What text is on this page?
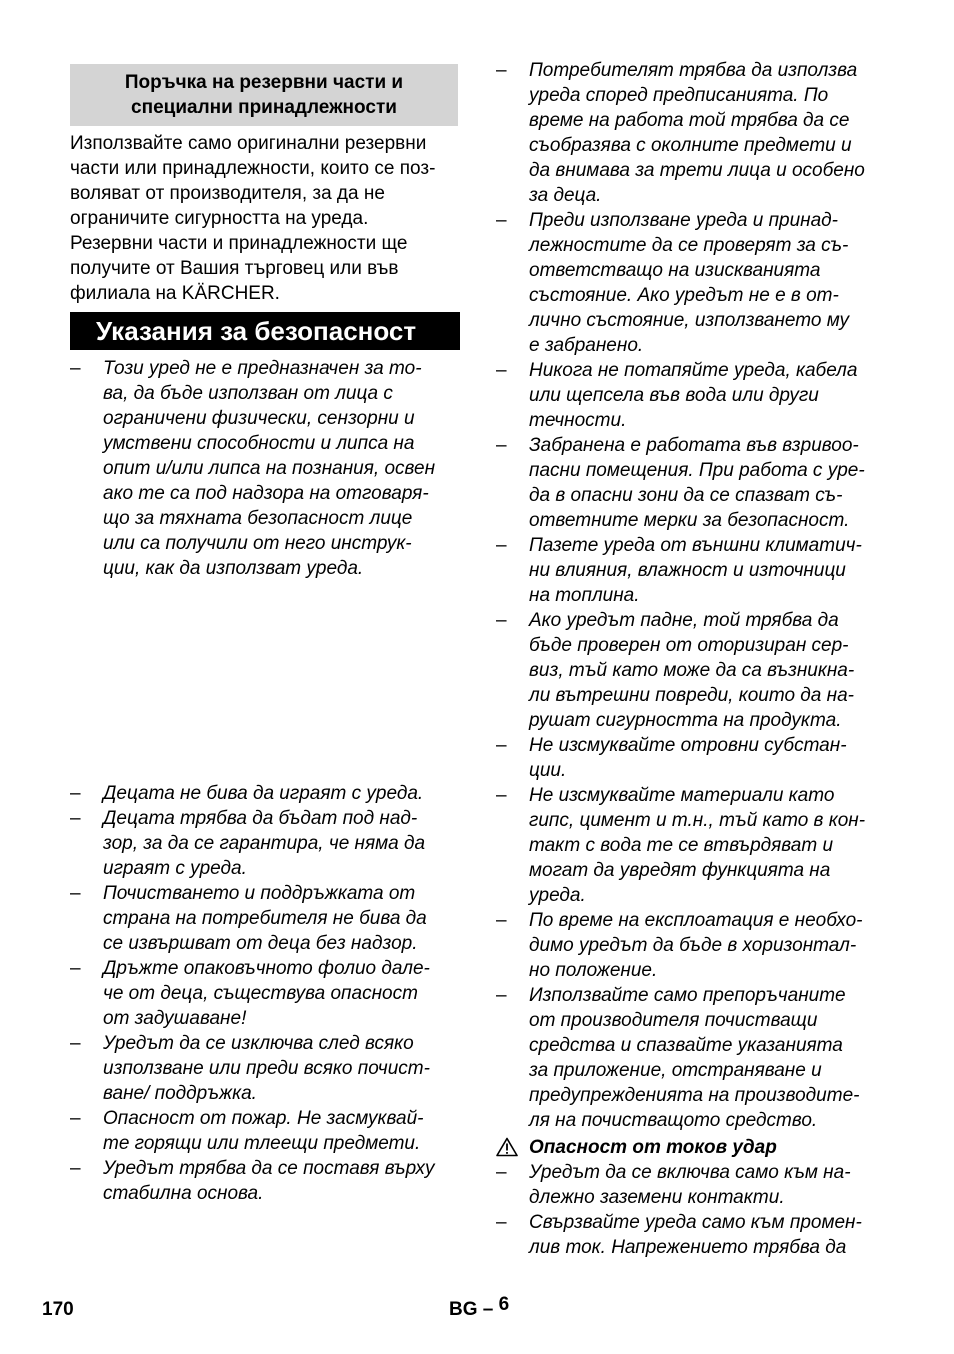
Поръчка на резервни части и
специални принадлежности
Използвайте само оригинални резервни
части или принадлежности, които се поз-
воляват от производителя, за да не
ограничите сигурността на уреда.
Резервни части и принадлежности ще
получите от Вашия търговец или във
филиала на KÄRCHER.
Указания за безопасност
– Този уред не е предназначен за то-
ва, да бъде използван от лица с
ограничени физически, сензорни и
умствени способности и липса на
опит и/или липса на познания, освен
ако те са под надзора на отговаря-
що за тяхната безопасност лице
или са получили от него инструк-
ции, как да използват уреда.
– Децата не бива да играят с уреда.
– Децата трябва да бъдат под над-
зор, за да се гарантира, че няма да
играят с уреда.
– Почистването и поддръжката от
страна на потребителя не бива да
се извършват от деца без надзор.
– Дръжте опаковъчното фолио дале-
че от деца, съществува опасност
от задушаване!
– Уредът да се изключва след всяко
използване или преди всяко почист-
ване/ поддръжка.
– Опасност от пожар. Не засмуквай-
те горящи или тлеещи предмети.
– Уредът трябва да се поставя върху
стабилна основа.
– Потребителят трябва да използва
уреда според предписанията. По
време на работа той трябва да се
съобразява с околните предмети и
да внимава за трети лица и особено
за деца.
– Преди използване уреда и принад-
лежностите да се проверят за съ-
ответстващо на изискванията
състояние. Ако уредът не е в от-
лично състояние, използването му
е забранено.
– Никога не потапяйте уреда, кабела
или щепсела във вода или други
течности.
– Забранена е работата във взривоо-
пасни помещения. При работа с уре-
да в опасни зони да се спазват съ-
ответните мерки за безопасност.
– Пазете уреда от външни климатич-
ни влияния, влажност и източници
на топлина.
– Ако уредът падне, той трябва да
бъде проверен от оторизиран сер-
виз, тъй като може да са възникна-
ли вътрешни повреди, които да на-
рушат сигурността на продукта.
– Не изсмуквайте отровни субстан-
ции.
– Не изсмуквайте материали като
гипс, цимент и т.н., тъй като в кон-
такт с вода те се втвърдяват и
могат да увредят функцията на
уреда.
– По време на експлоатация е необхо-
димо уредът да бъде в хоризонтал-
но положение.
– Използвайте само препоръчаните
от производителя почистващи
средства и спазвайте указанията
за приложение, отстраняване и
предупрежденията на производите-
ля на почистващото средство.
Опасност от токов удар
– Уредът да се включва само към на-
длежно заземени контакти.
– Свързвайте уреда само към промен-
лив ток. Напрежението трябва да
170	BG – 6
